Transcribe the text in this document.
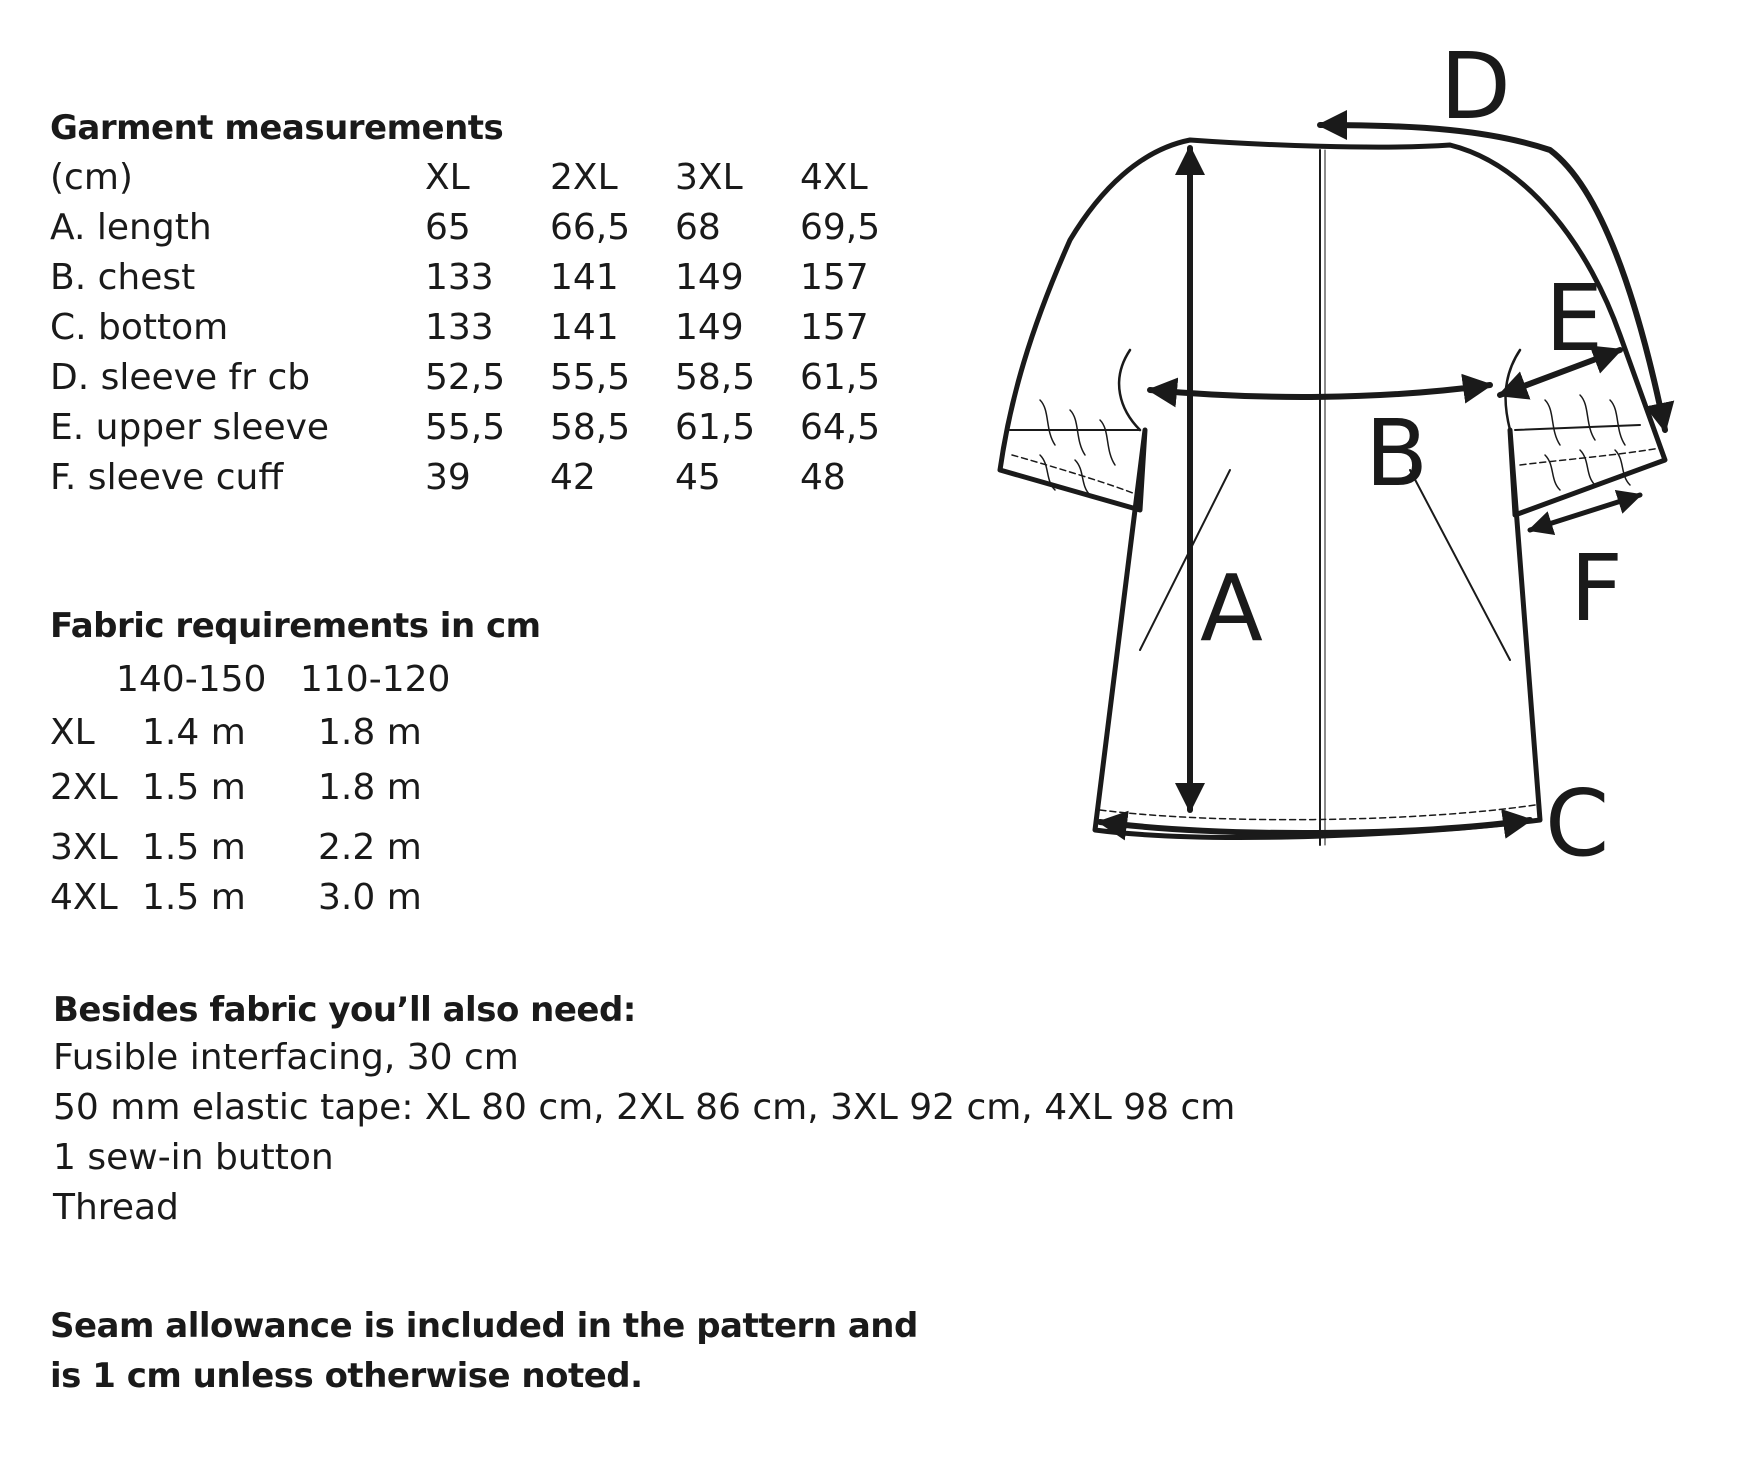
Garment measurements
(cm)	XL 2XL 3XL 4XL
A. length	65 66,5 68 69,5
B. chest	133 141 149 157
C. bottom	133 141 149 157
D. sleeve fr cb	52,5 55,5 58,5 61,5
E. upper sleeve	55,5 58,5 61,5 64,5
F. sleeve cuff	39 42 45 48
Fabric requirements in cm
140-150 110-120
XL 1.4 m 1.8 m
2XL 1.5 m 1.8 m
3XL 1.5 m 2.2 m
4XL 1.5 m 3.0 m
Besides fabric you’ll also need:
Fusible interfacing, 30 cm
50 mm elastic tape: XL 80 cm, 2XL 86 cm, 3XL 92 cm, 4XL 98 cm
1 sew-in button
Thread
Seam allowance is included in the pattern and
is 1 cm unless otherwise noted.
A
B
C
D
E
F
